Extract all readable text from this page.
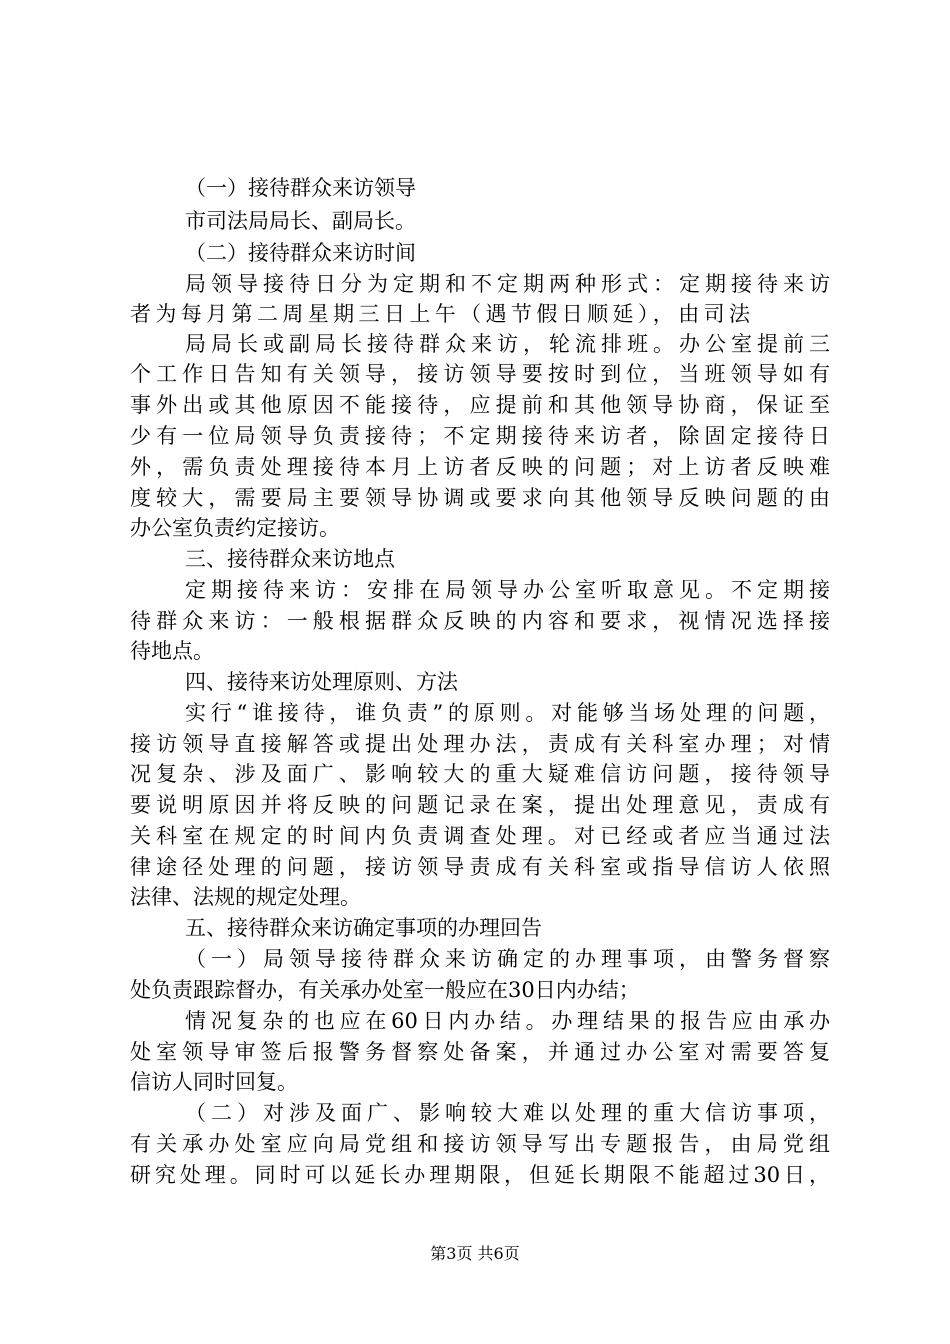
（一）接待群众来访领导
市司法局局长、副局长。
（二）接待群众来访时间
局领导接待日分为定期和不定期两种形式：定期接待来访
者为每月第二周星期三日上午（遇节假日顺延），由司法
局局长或副局长接待群众来访，轮流排班。办公室提前三
个工作日告知有关领导，接访领导要按时到位，当班领导如有
事外出或其他原因不能接待，应提前和其他领导协商，保证至
少有一位局领导负责接待；不定期接待来访者，除固定接待日
外，需负责处理接待本月上访者反映的问题；对上访者反映难
度较大，需要局主要领导协调或要求向其他领导反映问题的由
办公室负责约定接访。
三、接待群众来访地点
定期接待来访：安排在局领导办公室听取意见。不定期接
待群众来访：一般根据群众反映的内容和要求，视情况选择接
待地点。
四、接待来访处理原则、方法
实行“谁接待，谁负责”的原则。对能够当场处理的问题，
接访领导直接解答或提出处理办法，责成有关科室办理；对情
况复杂、涉及面广、影响较大的重大疑难信访问题，接待领导
要说明原因并将反映的问题记录在案，提出处理意见，责成有
关科室在规定的时间内负责调查处理。对已经或者应当通过法
律途径处理的问题，接访领导责成有关科室或指导信访人依照
法律、法规的规定处理。
五、接待群众来访确定事项的办理回告
（一）局领导接待群众来访确定的办理事项，由警务督察
处负责跟踪督办，有关承办处室一般应在30日内办结；
情况复杂的也应在60日内办结。办理结果的报告应由承办
处室领导审签后报警务督察处备案，并通过办公室对需要答复
信访人同时回复。
（二）对涉及面广、影响较大难以处理的重大信访事项，
有关承办处室应向局党组和接访领导写出专题报告，由局党组
研究处理。同时可以延长办理期限，但延长期限不能超过30日，
第3页 共6页
